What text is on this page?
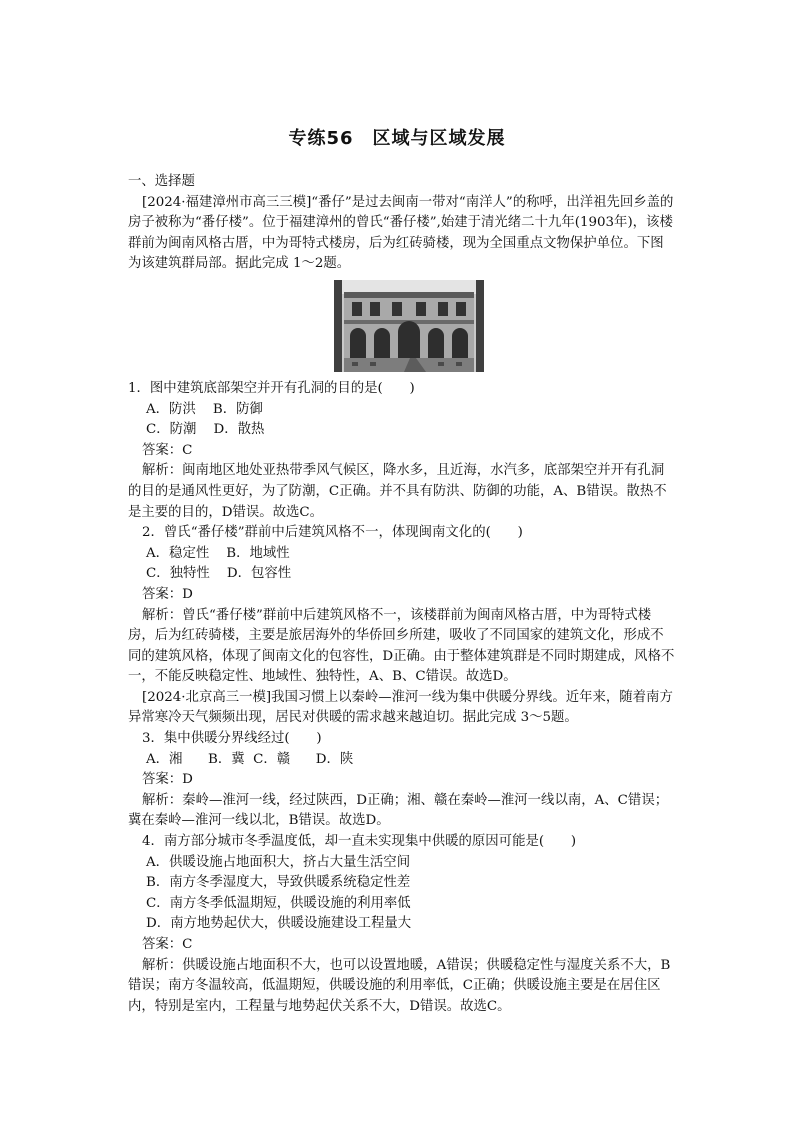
专练56　区域与区域发展

一、选择题

[2024·福建漳州市高三三模]“番仔”是过去闽南一带对“南洋人”的称呼，出洋祖先回乡盖的房子被称为“番仔楼”。位于福建漳州的曾氏“番仔楼”,始建于清光绪二十九年(1903年)，该楼群前为闽南风格古厝，中为哥特式楼房，后为红砖骑楼，现为全国重点文物保护单位。下图为该建筑群局部。据此完成 1～2题。

1．图中建筑底部架空并开有孔洞的目的是(　　)

A．防洪 B．防御
C．防潮 D．散热

答案：C

解析：闽南地区地处亚热带季风气候区，降水多，且近海，水汽多，底部架空并开有孔洞的目的是通风性更好，为了防潮，C正确。并不具有防洪、防御的功能，A、B错误。散热不是主要的目的，D错误。故选C。

2．曾氏“番仔楼”群前中后建筑风格不一，体现闽南文化的(　　)

A．稳定性 B．地域性
C．独特性 D．包容性

答案：D

解析：曾氏“番仔楼”群前中后建筑风格不一，该楼群前为闽南风格古厝，中为哥特式楼房，后为红砖骑楼，主要是旅居海外的华侨回乡所建，吸收了不同国家的建筑文化，形成不同的建筑风格，体现了闽南文化的包容性，D正确。由于整体建筑群是不同时期建成，风格不一，不能反映稳定性、地域性、独特性，A、B、C错误。故选D。

[2024·北京高三一模]我国习惯上以秦岭—淮河一线为集中供暖分界线。近年来，随着南方异常寒冷天气频频出现，居民对供暖的需求越来越迫切。据此完成 3～5题。

3．集中供暖分界线经过(　　)

A．湘 B．冀 C．赣 D．陕

答案：D

解析：秦岭—淮河一线，经过陕西，D正确；湘、赣在秦岭—淮河一线以南，A、C错误；冀在秦岭—淮河一线以北，B错误。故选D。

4．南方部分城市冬季温度低，却一直未实现集中供暖的原因可能是(　　)

A．供暖设施占地面积大，挤占大量生活空间

B．南方冬季湿度大，导致供暖系统稳定性差

C．南方冬季低温期短，供暖设施的利用率低

D．南方地势起伏大，供暖设施建设工程量大

答案：C

解析：供暖设施占地面积不大，也可以设置地暖，A错误；供暖稳定性与湿度关系不大，B错误；南方冬温较高，低温期短，供暖设施的利用率低，C正确；供暖设施主要是在居住区内，特别是室内，工程量与地势起伏关系不大，D错误。故选C。
